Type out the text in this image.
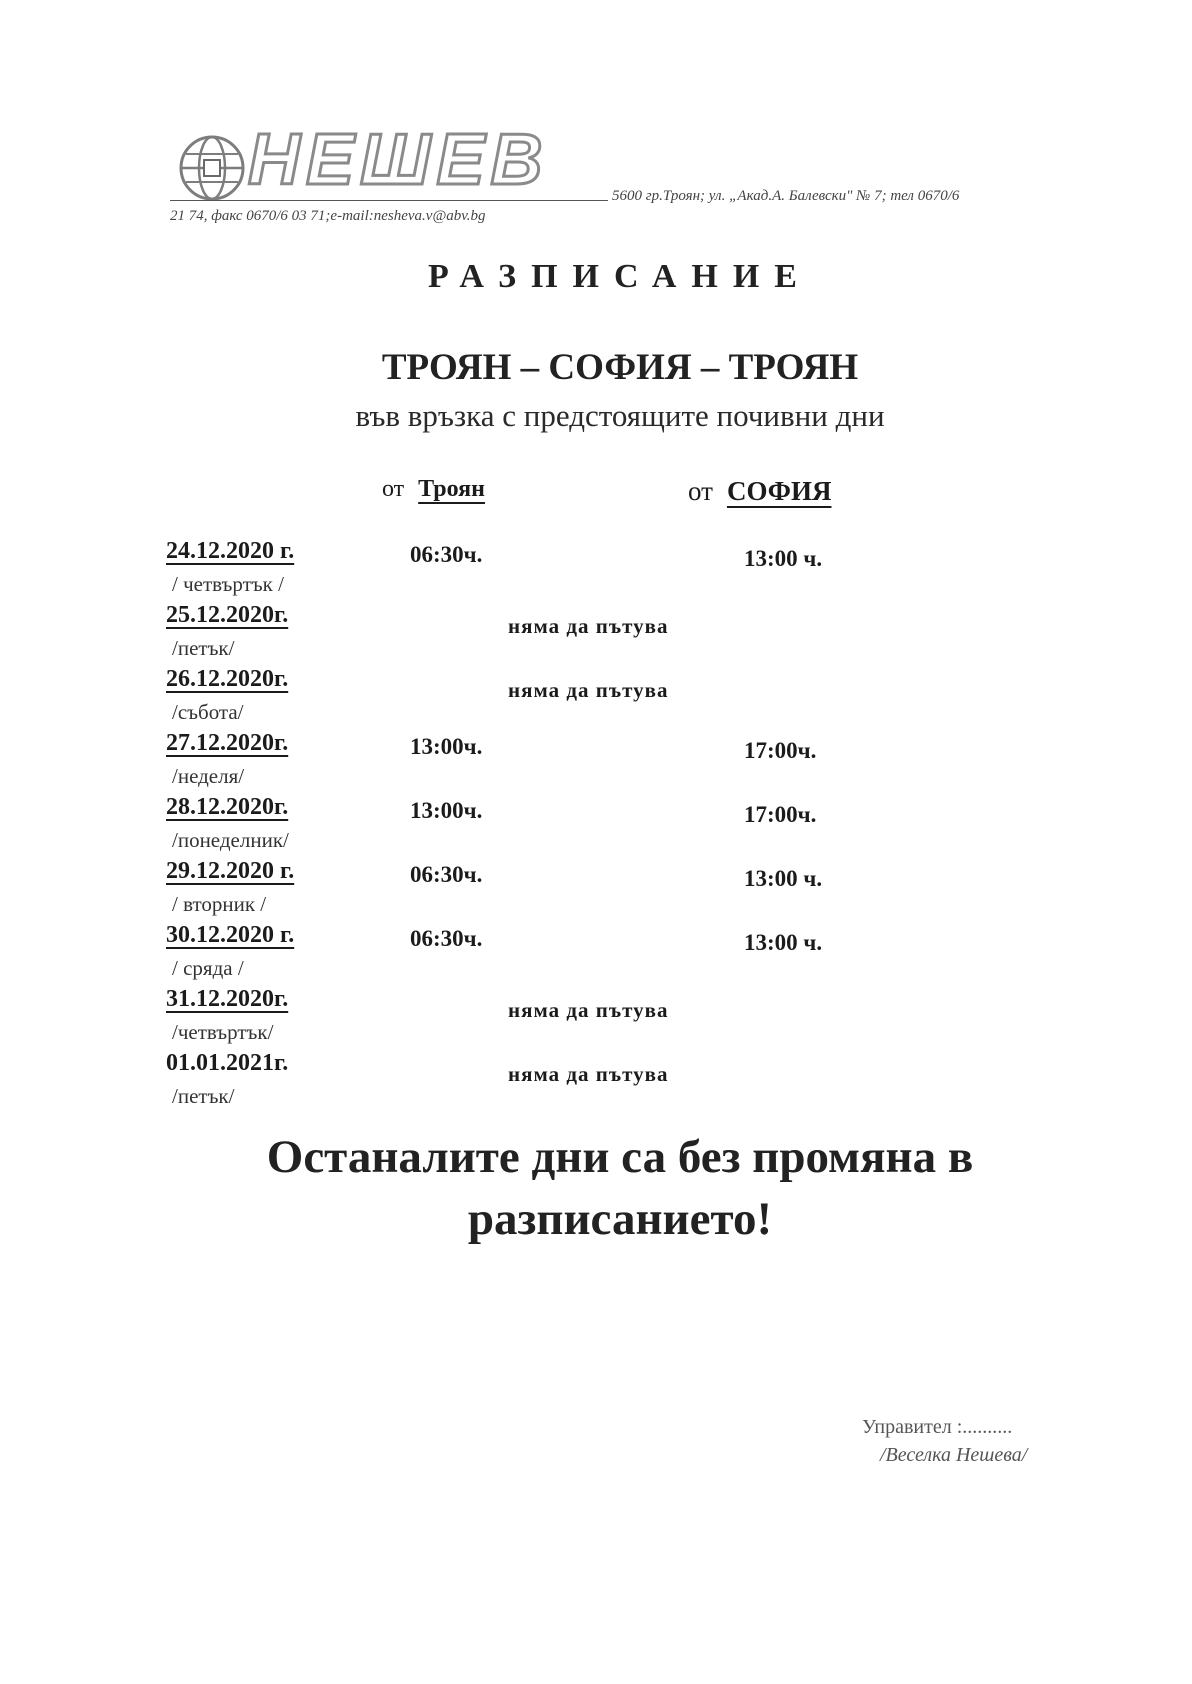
НЕШЕВ	5600 гр.Троян; ул. „Акад.А. Балевски" № 7; тел 0670/6
21 74, факс 0670/6 03 71;e-mail:nesheva.v@abv.bg
РАЗПИСАНИЕ
ТРОЯН – СОФИЯ – ТРОЯН
във връзка с предстоящите почивни дни
от Троян	от СОФИЯ
24.12.2020 г.
/ четвъртък /
06:30ч.	13:00 ч.
25.12.2020г.
/петък/
няма да пътува
26.12.2020г.
/събота/
няма да пътува
27.12.2020г.
/неделя/
13:00ч.	17:00ч.
28.12.2020г.
/понеделник/
13:00ч.	17:00ч.
29.12.2020 г.
/ вторник /
06:30ч.	13:00 ч.
30.12.2020 г.
/ сряда /
06:30ч.	13:00 ч.
31.12.2020г.
/четвъртък/
няма да пътува
01.01.2021г.
/петък/
няма да пътува
Останалите дни са без промяна в
разписанието!
Управител :..........
/Веселка Нешева/
